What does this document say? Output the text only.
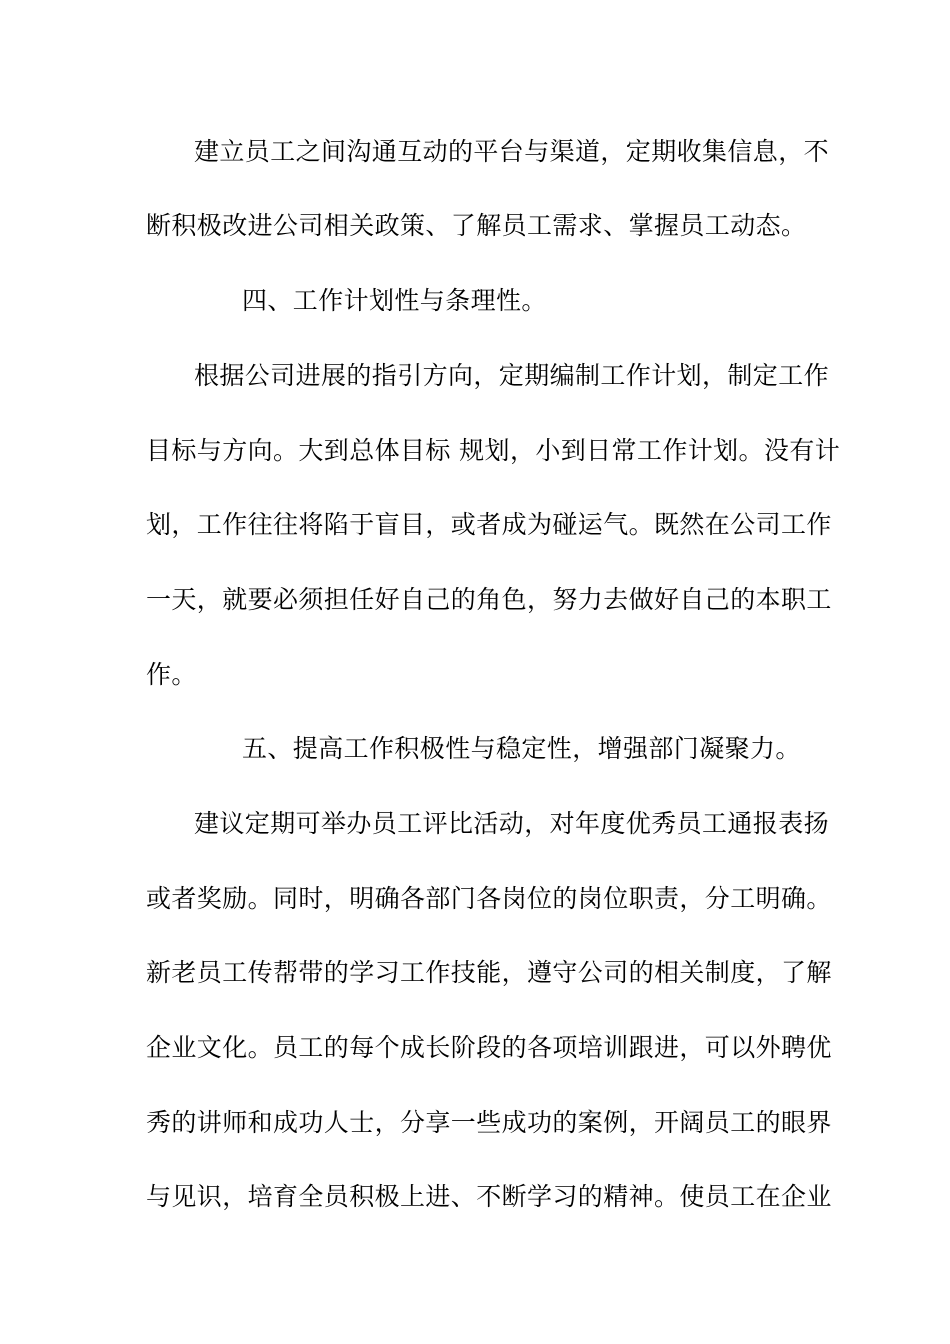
建立员工之间沟通互动的平台与渠道，定期收集信息，不
断积极改进公司相关政策、了解员工需求、掌握员工动态。
四、工作计划性与条理性。
根据公司进展的指引方向，定期编制工作计划，制定工作
目标与方向。大到总体目标 规划，小到日常工作计划。没有计
划，工作往往将陷于盲目，或者成为碰运气。既然在公司工作
一天，就要必须担任好自己的角色，努力去做好自己的本职工
作。
五、提高工作积极性与稳定性，增强部门凝聚力。
建议定期可举办员工评比活动，对年度优秀员工通报表扬
或者奖励。同时，明确各部门各岗位的岗位职责，分工明确。
新老员工传帮带的学习工作技能，遵守公司的相关制度，了解
企业文化。员工的每个成长阶段的各项培训跟进，可以外聘优
秀的讲师和成功人士，分享一些成功的案例，开阔员工的眼界
与见识，培育全员积极上进、不断学习的精神。使员工在企业
